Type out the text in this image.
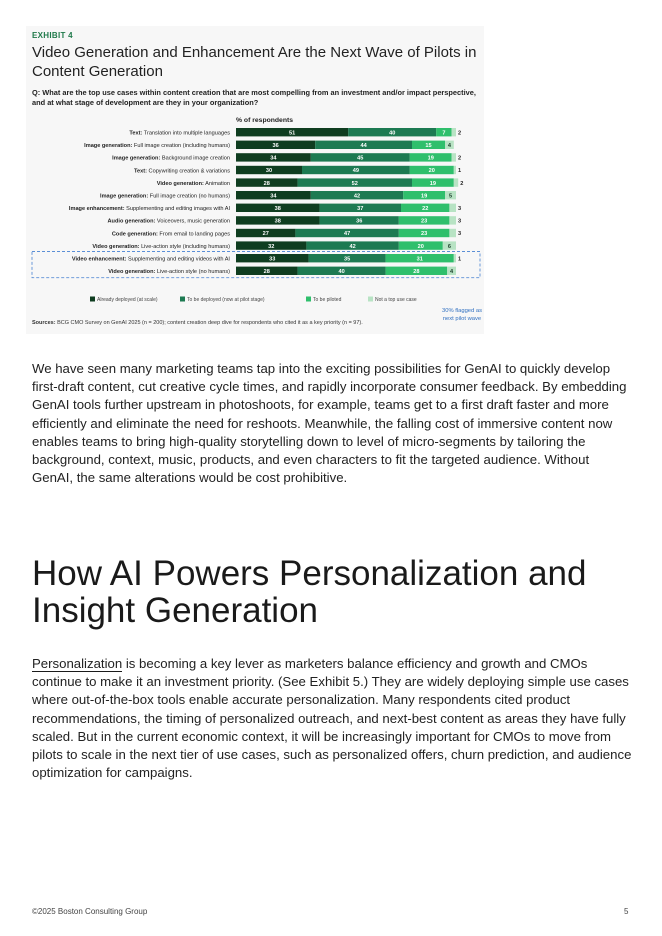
EXHIBIT 4
Video Generation and Enhancement Are the Next Wave of Pilots in Content Generation
Q: What are the top use cases within content creation that are most compelling from an investment and/or impact perspective, and at what stage of development are they in your organization?
% of respondents
Text: Translation into multiple languages	51	40	7 2
Image generation: Full image creation (including humans)	36	44	15	4
Image generation: Background image creation	34	45	19	2
Text: Copywriting creation & variations	30	49	20	1
Video generation: Animation	28	52	19	2
Image generation: Full image creation (no humans)	34	42	19	5
Image enhancement: Supplementing and editing images with AI	38	37	22	3
Audio generation: Voiceovers, music generation	38	36	23	3
Code generation: From email to landing pages	27	47	23	3
Video generation: Live-action style (including humans)	32	42	20	6
Video enhancement: Supplementing and editing videos with AI	33	35	31	1
Video generation: Live-action style (no humans)	28	40	28	4
30% flagged as
next pilot wave
Already deployed (at scale)	To be deployed (now at pilot stage)	To be piloted	Not a top use case
Sources: BCG CMO Survey on GenAI 2025 (n = 200); content creation deep dive for respondents who cited it as a key priority (n = 97).

We have seen many marketing teams tap into the exciting possibilities for GenAI to quickly develop first-draft content, cut creative cycle times, and rapidly incorporate consumer feedback. By embedding GenAI tools further upstream in photoshoots, for example, teams get to a first draft faster and more efficiently and eliminate the need for reshoots. Meanwhile, the falling cost of immersive content now enables teams to bring high-quality storytelling down to level of micro-segments by tailoring the background, context, music, products, and even characters to fit the targeted audience. Without GenAI, the same alterations would be cost prohibitive.

How AI Powers Personalization and Insight Generation

Personalization is becoming a key lever as marketers balance efficiency and growth and CMOs continue to make it an investment priority. (See Exhibit 5.) They are widely deploying simple use cases where out-of-the-box tools enable accurate personalization. Many respondents cited product recommendations, the timing of personalized outreach, and next-best content as areas they have fully scaled. But in the current economic context, it will be increasingly important for CMOs to move from pilots to scale in the next tier of use cases, such as personalized offers, churn prediction, and audience optimization for campaigns.

©2025 Boston Consulting Group	5
